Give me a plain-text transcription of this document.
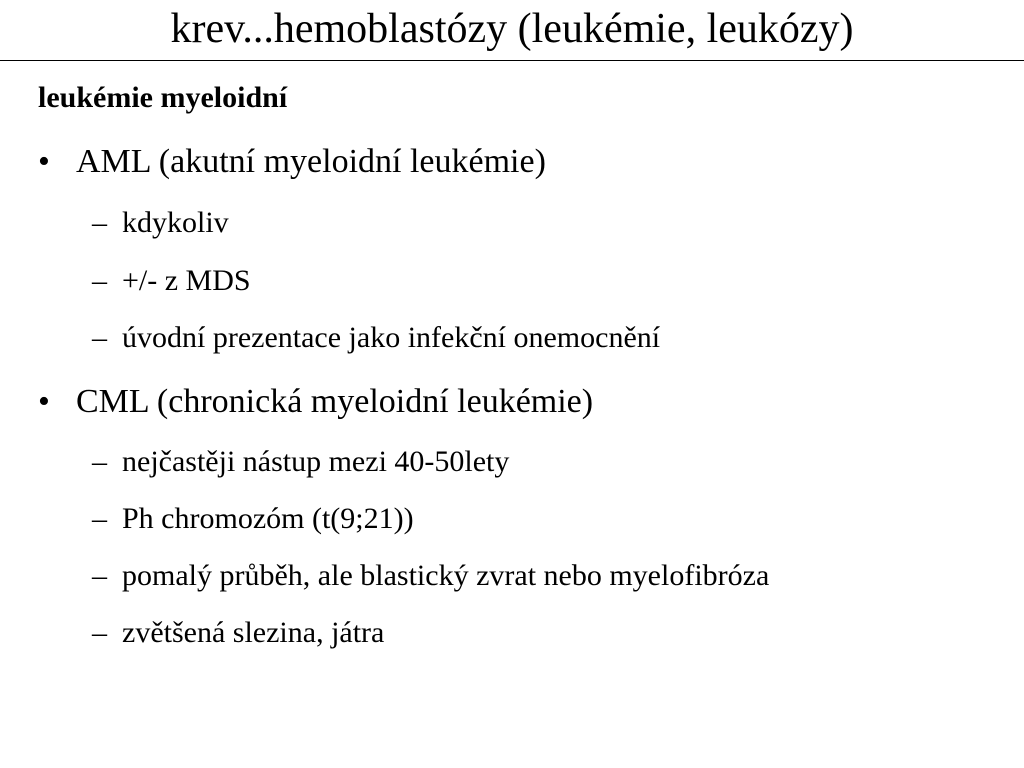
krev...hemoblastózy (leukémie, leukózy)
leukémie myeloidní
• AML (akutní myeloidní leukémie)
– kdykoliv
– +/- z MDS
– úvodní prezentace jako infekční onemocnění
• CML (chronická myeloidní leukémie)
– nejčastěji nástup mezi 40-50lety
– Ph chromozóm (t(9;21))
– pomalý průběh, ale blastický zvrat nebo myelofibróza
– zvětšená slezina, játra
